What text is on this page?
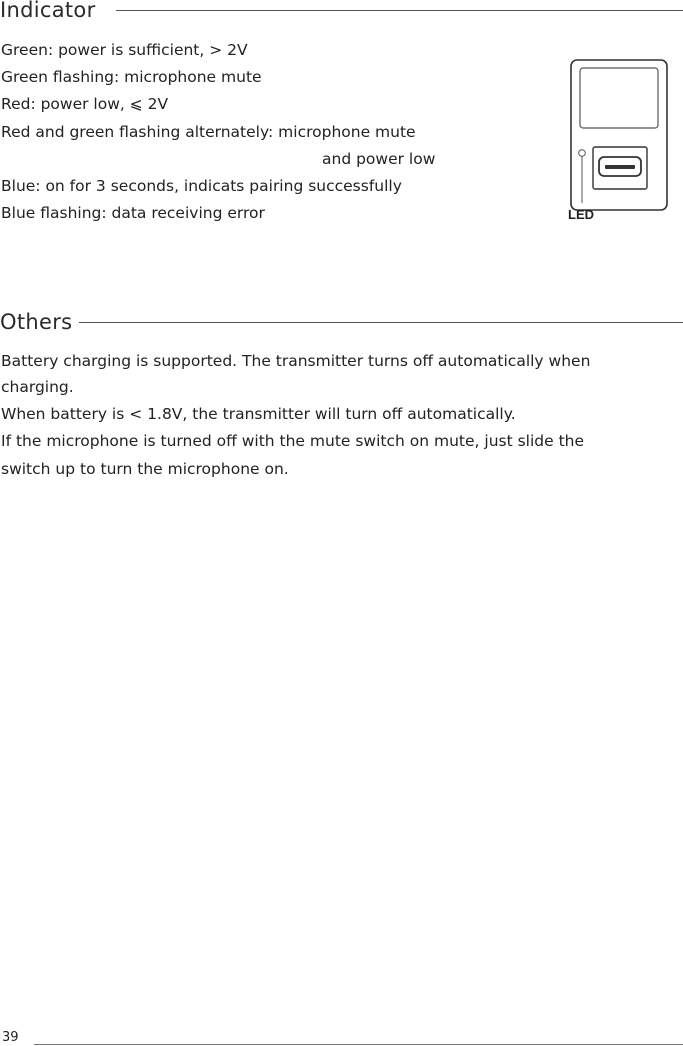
Indicator
Green: power is sufficient, > 2V
Green flashing: microphone mute
Red: power low, ⩽ 2V
Red and green flashing alternately: microphone mute
and power low
Blue: on for 3 seconds, indicats pairing successfully
Blue flashing: data receiving error	LED
Others
Battery charging is supported. The transmitter turns off automatically when
charging.
When battery is < 1.8V, the transmitter will turn off automatically.
If the microphone is turned off with the mute switch on mute, just slide the
switch up to turn the microphone on.
39
